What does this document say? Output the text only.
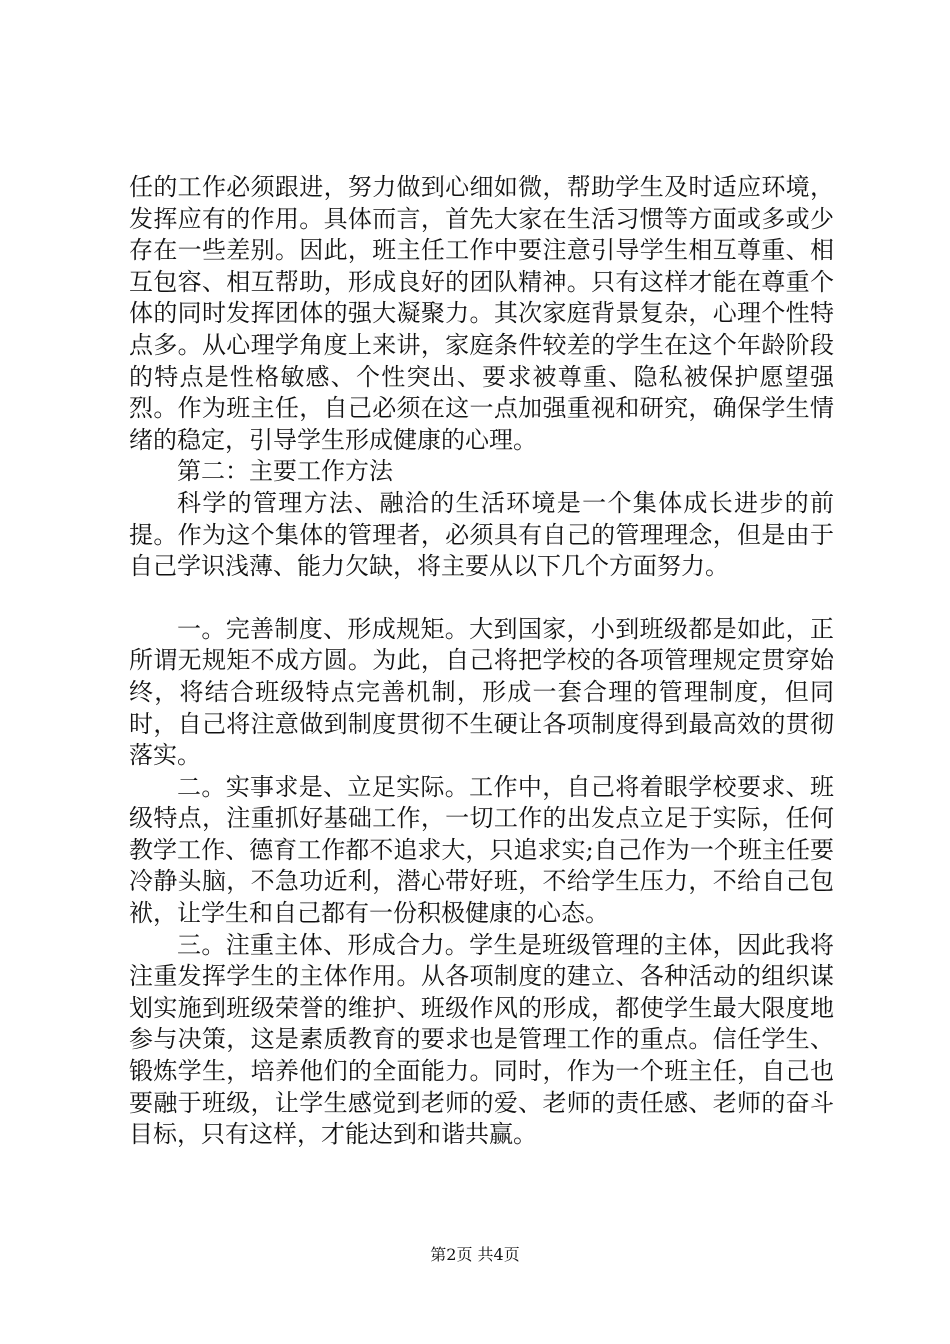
任的工作必须跟进，努力做到心细如微，帮助学生及时适应环境，发挥应有的作用。具体而言，首先大家在生活习惯等方面或多或少存在一些差别。因此，班主任工作中要注意引导学生相互尊重、相互包容、相互帮助，形成良好的团队精神。只有这样才能在尊重个体的同时发挥团体的强大凝聚力。其次家庭背景复杂，心理个性特点多。从心理学角度上来讲，家庭条件较差的学生在这个年龄阶段的特点是性格敏感、个性突出、要求被尊重、隐私被保护愿望强烈。作为班主任，自己必须在这一点加强重视和研究，确保学生情绪的稳定，引导学生形成健康的心理。

第二：主要工作方法

科学的管理方法、融洽的生活环境是一个集体成长进步的前提。作为这个集体的管理者，必须具有自己的管理理念，但是由于自己学识浅薄、能力欠缺，将主要从以下几个方面努力。

一。完善制度、形成规矩。大到国家，小到班级都是如此，正所谓无规矩不成方圆。为此，自己将把学校的各项管理规定贯穿始终，将结合班级特点完善机制，形成一套合理的管理制度，但同时，自己将注意做到制度贯彻不生硬让各项制度得到最高效的贯彻落实。

二。实事求是、立足实际。工作中，自己将着眼学校要求、班级特点，注重抓好基础工作，一切工作的出发点立足于实际，任何教学工作、德育工作都不追求大，只追求实;自己作为一个班主任要冷静头脑，不急功近利，潜心带好班，不给学生压力，不给自己包袱，让学生和自己都有一份积极健康的心态。

三。注重主体、形成合力。学生是班级管理的主体，因此我将注重发挥学生的主体作用。从各项制度的建立、各种活动的组织谋划实施到班级荣誉的维护、班级作风的形成，都使学生最大限度地参与决策，这是素质教育的要求也是管理工作的重点。信任学生、锻炼学生，培养他们的全面能力。同时，作为一个班主任，自己也要融于班级，让学生感觉到老师的爱、老师的责任感、老师的奋斗目标，只有这样，才能达到和谐共赢。

第2页 共4页
